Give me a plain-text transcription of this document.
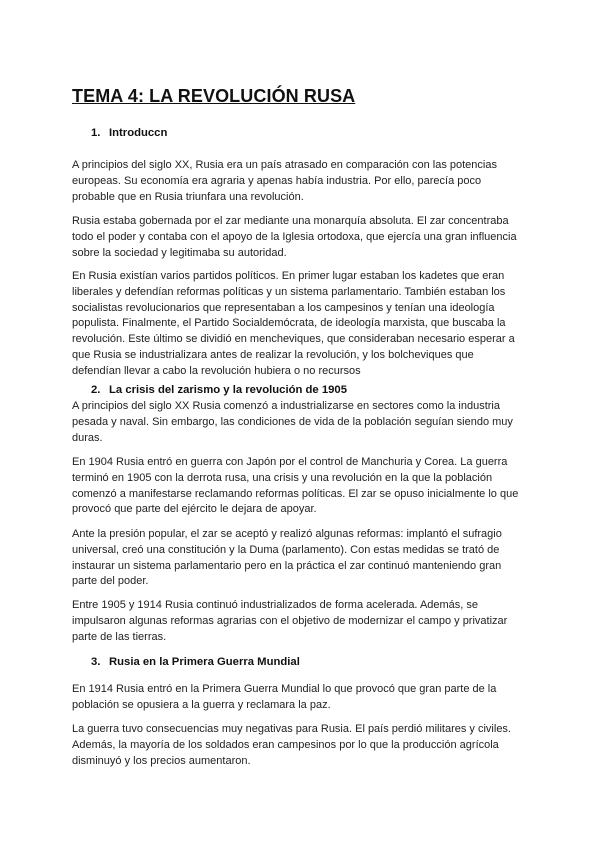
TEMA 4: LA REVOLUCIÓN RUSA
1. Introduccn
A principios del siglo XX, Rusia era un país atrasado en comparación con las potencias
europeas. Su economía era agraria y apenas había industria. Por ello, parecía poco
probable que en Rusia triunfara una revolución.
Rusia estaba gobernada por el zar mediante una monarquía absoluta. El zar concentraba
todo el poder y contaba con el apoyo de la Iglesia ortodoxa, que ejercía una gran influencia
sobre la sociedad y legitimaba su autoridad.
En Rusia existían varios partidos políticos. En primer lugar estaban los kadetes que eran
liberales y defendían reformas políticas y un sistema parlamentario. También estaban los
socialistas revolucionarios que representaban a los campesinos y tenían una ideología
populista. Finalmente, el Partido Socialdemócrata, de ideología marxista, que buscaba la
revolución. Este último se dividió en mencheviques, que consideraban necesario esperar a
que Rusia se industrializara antes de realizar la revolución, y los bolcheviques que
defendían llevar a cabo la revolución hubiera o no recursos
2. La crisis del zarismo y la revolución de 1905
A principios del siglo XX Rusia comenzó a industrializarse en sectores como la industria
pesada y naval. Sin embargo, las condiciones de vida de la población seguían siendo muy
duras.
En 1904 Rusia entró en guerra con Japón por el control de Manchuria y Corea. La guerra
terminó en 1905 con la derrota rusa, una crisis y una revolución en la que la población
comenzó a manifestarse reclamando reformas políticas. El zar se opuso inicialmente lo que
provocó que parte del ejército le dejara de apoyar.
Ante la presión popular, el zar se aceptó y realizó algunas reformas: implantó el sufragio
universal, creó una constitución y la Duma (parlamento). Con estas medidas se trató de
instaurar un sistema parlamentario pero en la práctica el zar continuó manteniendo gran
parte del poder.
Entre 1905 y 1914 Rusia continuó industrializados de forma acelerada. Además, se
impulsaron algunas reformas agrarias con el objetivo de modernizar el campo y privatizar
parte de las tierras.
3. Rusia en la Primera Guerra Mundial
En 1914 Rusia entró en la Primera Guerra Mundial lo que provocó que gran parte de la
población se opusiera a la guerra y reclamara la paz.
La guerra tuvo consecuencias muy negativas para Rusia. El país perdió militares y civiles.
Además, la mayoría de los soldados eran campesinos por lo que la producción agrícola
disminuyó y los precios aumentaron.
